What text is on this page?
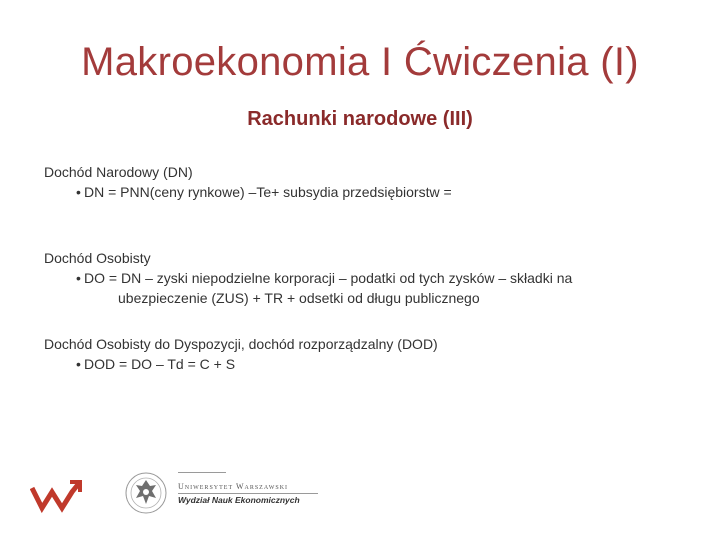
Makroekonomia I Ćwiczenia (I)
Rachunki narodowe (III)

Dochód Narodowy (DN)

• DN = PNN(ceny rynkowe) –Te+ subsydia przedsiębiorstw =

Dochód Osobisty

• DO = DN – zyski niepodzielne korporacji – podatki od tych zysków – składki na

ubezpieczenie (ZUS) + TR + odsetki od długu publicznego

Dochód Osobisty do Dyspozycji, dochód rozporządzalny (DOD)

• DOD = DO – Td = C + S

Uniwersytet Warszawski
Wydział Nauk Ekonomicznych
